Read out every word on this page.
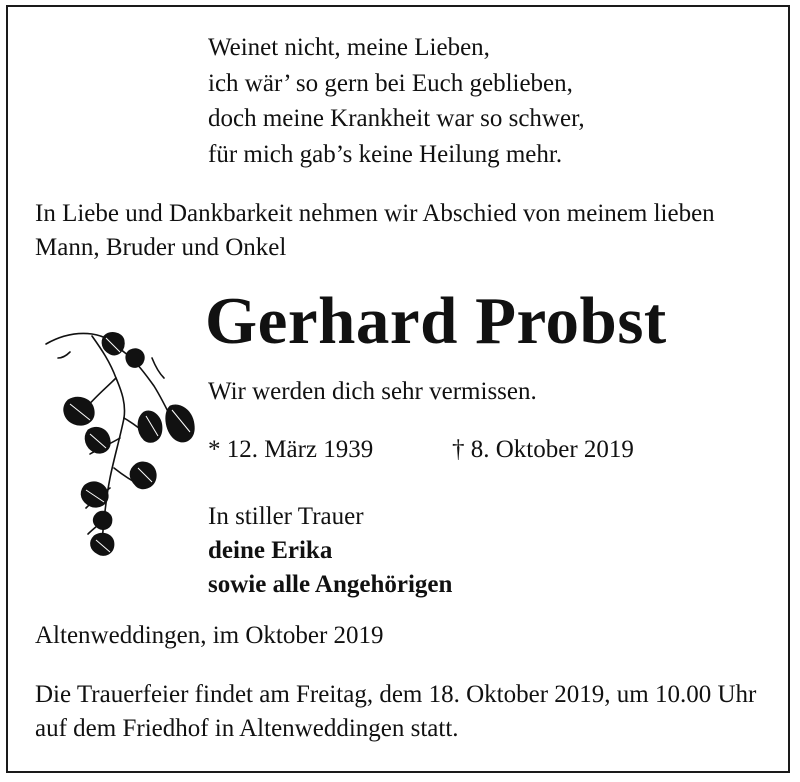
Weinet nicht, meine Lieben,
ich wär’ so gern bei Euch geblieben,
doch meine Krankheit war so schwer,
für mich gab’s keine Heilung mehr.
In Liebe und Dankbarkeit nehmen wir Abschied von meinem lieben Mann, Bruder und Onkel
Gerhard Probst
Wir werden dich sehr vermissen.
* 12. März 1939	† 8. Oktober 2019
In stiller Trauer
deine Erika
sowie alle Angehörigen
Altenweddingen, im Oktober 2019
Die Trauerfeier findet am Freitag, dem 18. Oktober 2019, um 10.00 Uhr auf dem Friedhof in Altenweddingen statt.
